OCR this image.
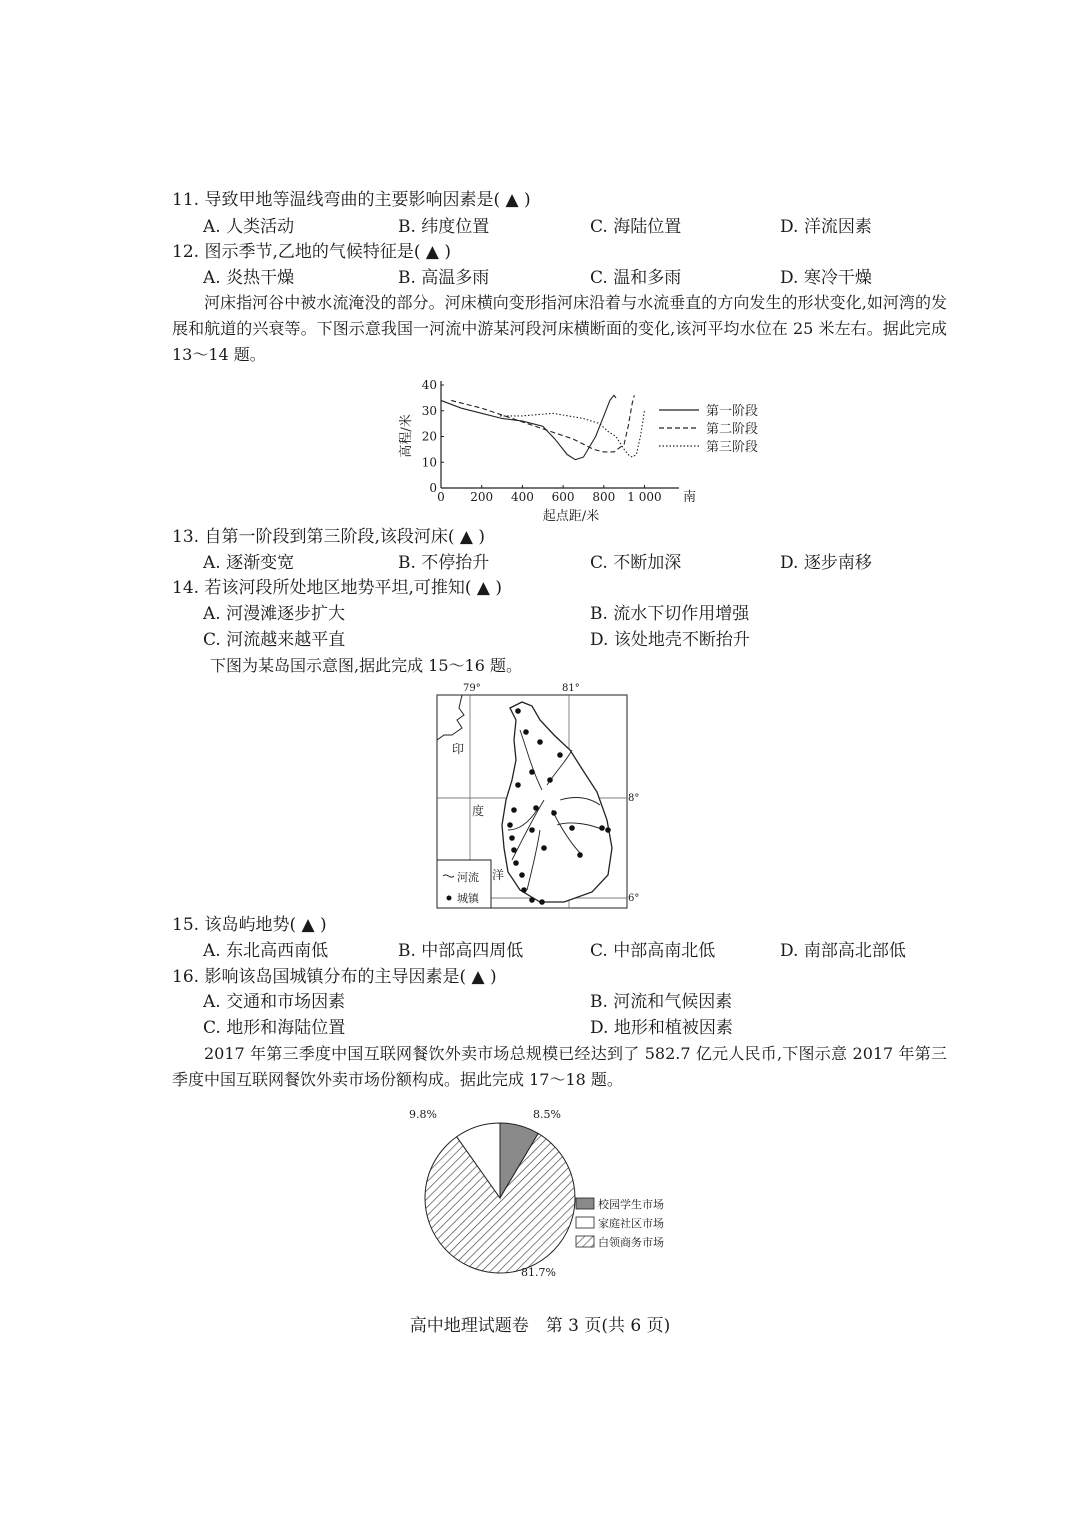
11. 导致甲地等温线弯曲的主要影响因素是( ▲ )
A. 人类活动	B. 纬度位置	C. 海陆位置	D. 洋流因素
12. 图示季节,乙地的气候特征是( ▲ )
A. 炎热干燥	B. 高温多雨	C. 温和多雨	D. 寒冷干燥
河床指河谷中被水流淹没的部分。河床横向变形指河床沿着与水流垂直的方向发生的形状变化,如河湾的发展和航道的兴衰等。下图示意我国一河流中游某河段河床横断面的变化,该河平均水位在 25 米左右。据此完成 13～14 题。
0 200 400 600 800 1 000
0
10
20
30
40
高程/米
起点距/米
南
第一阶段
第二阶段
第三阶段
13. 自第一阶段到第三阶段,该段河床( ▲ )
A. 逐渐变宽	B. 不停抬升	C. 不断加深	D. 逐步南移
14. 若该河段所处地区地势平坦,可推知( ▲ )
A. 河漫滩逐步扩大	B. 流水下切作用增强
C. 河流越来越平直	D. 该处地壳不断抬升
下图为某岛国示意图,据此完成 15～16 题。
79°	81°
8°
6°
印
度
洋
河流
城镇
15. 该岛屿地势( ▲ )
A. 东北高西南低	B. 中部高四周低	C. 中部高南北低	D. 南部高北部低
16. 影响该岛国城镇分布的主导因素是( ▲ )
A. 交通和市场因素	B. 河流和气候因素
C. 地形和海陆位置	D. 地形和植被因素
2017 年第三季度中国互联网餐饮外卖市场总规模已经达到了 582.7 亿元人民币,下图示意 2017 年第三季度中国互联网餐饮外卖市场份额构成。据此完成 17～18 题。
9.8%	8.5%
81.7%
校园学生市场
家庭社区市场
白领商务市场
高中地理试题卷　第 3 页(共 6 页)
